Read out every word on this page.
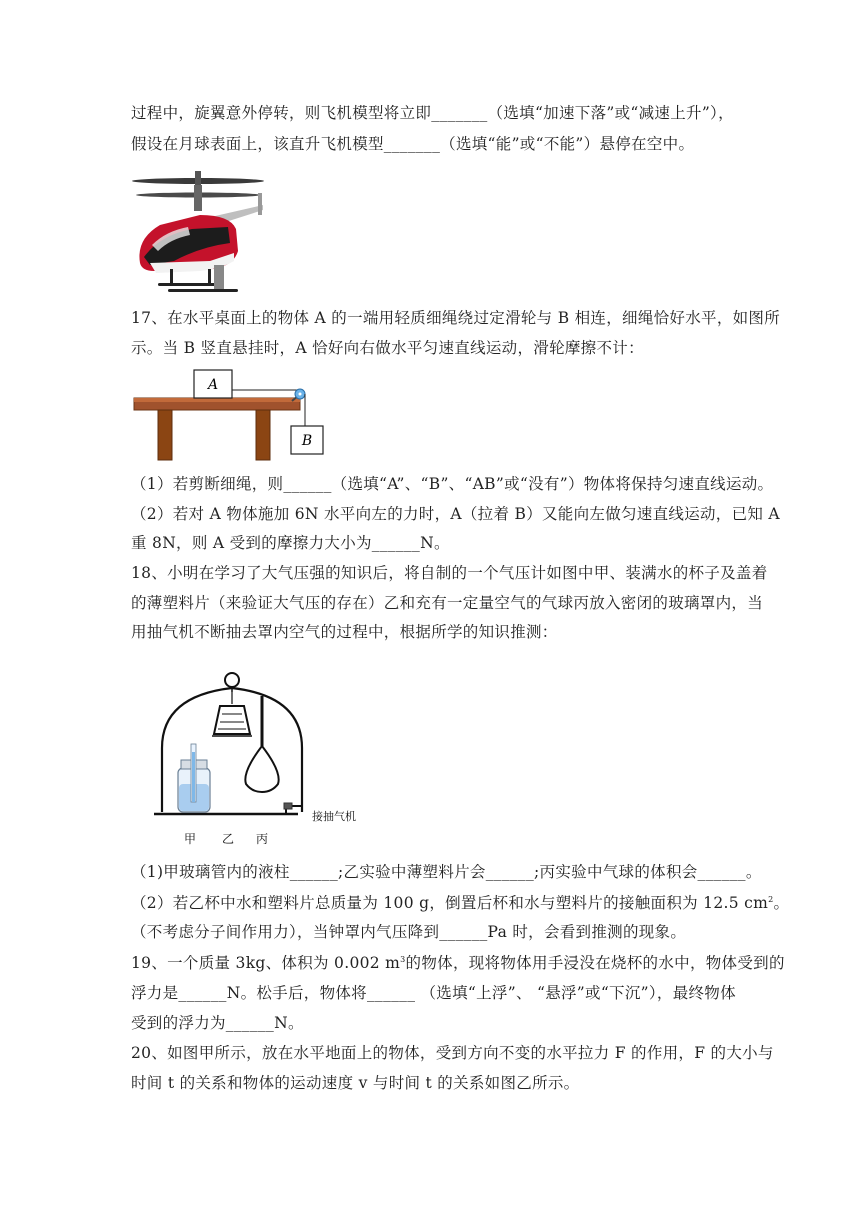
过程中，旋翼意外停转，则飞机模型将立即_______（选填“加速下落”或“减速上升”），
假设在月球表面上，该直升飞机模型_______（选填“能”或“不能”）悬停在空中。
17、在水平桌面上的物体 A 的一端用轻质细绳绕过定滑轮与 B 相连，细绳恰好水平，如图所
示。当 B 竖直悬挂时，A 恰好向右做水平匀速直线运动，滑轮摩擦不计：
A
B
（1）若剪断细绳，则______（选填“A”、“B”、“AB”或“没有”）物体将保持匀速直线运动。
（2）若对 A 物体施加 6N 水平向左的力时，A（拉着 B）又能向左做匀速直线运动，已知 A
重 8N，则 A 受到的摩擦力大小为______N。
18、小明在学习了大气压强的知识后，将自制的一个气压计如图中甲、装满水的杯子及盖着
的薄塑料片（来验证大气压的存在）乙和充有一定量空气的气球丙放入密闭的玻璃罩内，当
用抽气机不断抽去罩内空气的过程中，根据所学的知识推测：
接抽气机
甲 乙 丙
（1)甲玻璃管内的液柱______;乙实验中薄塑料片会______;丙实验中气球的体积会______。
（2）若乙杯中水和塑料片总质量为 100 g，倒置后杯和水与塑料片的接触面积为 12.5 $cm^2$。
（不考虑分子间作用力），当钟罩内气压降到______Pa 时，会看到推测的现象。
19、一个质量 3kg、体积为 0.002 $m^3$的物体，现将物体用手浸没在烧杯的水中，物体受到的
浮力是______N。松手后，物体将______ （选填“上浮”、 “悬浮”或“下沉”），最终物体
受到的浮力为______N。
20、如图甲所示，放在水平地面上的物体，受到方向不变的水平拉力 F 的作用，F 的大小与
时间 t 的关系和物体的运动速度 v 与时间 t 的关系如图乙所示。
